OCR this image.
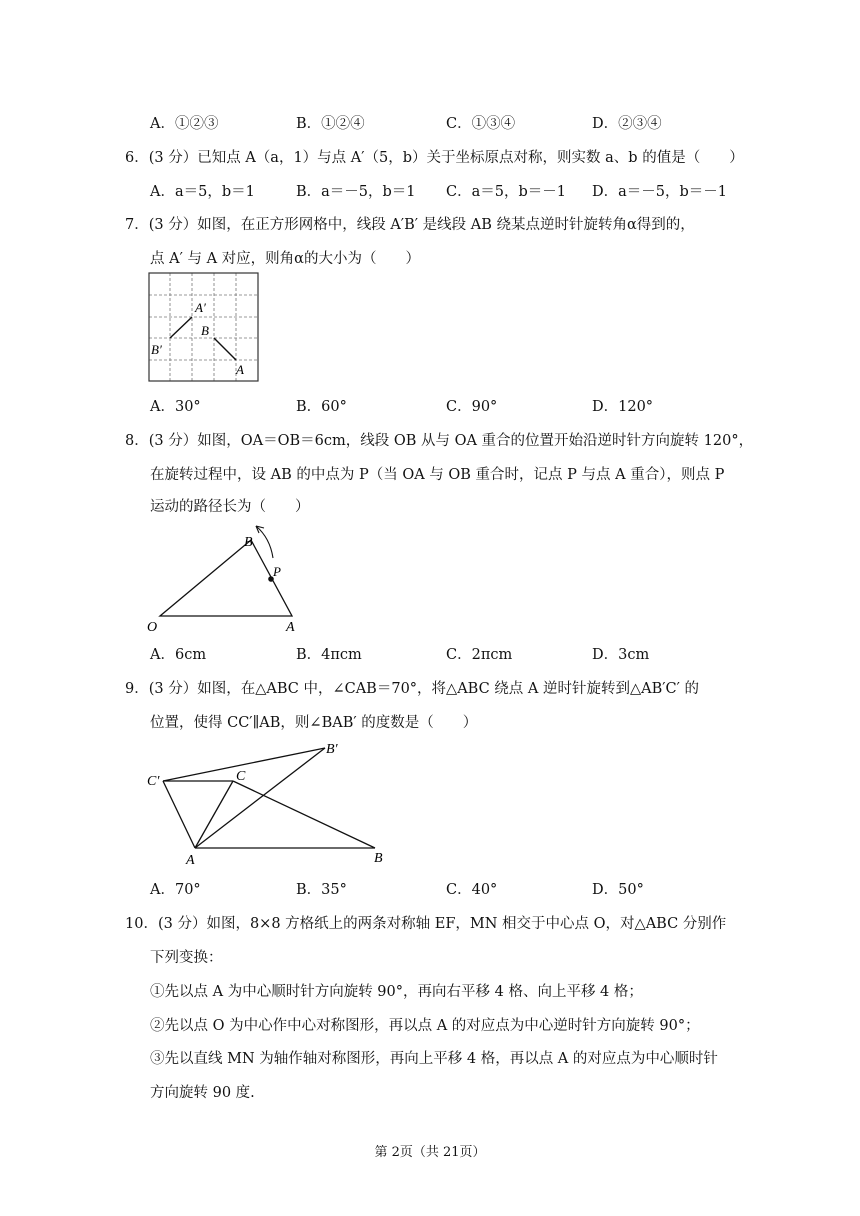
A．①②③	B．①②④	C．①③④	D．②③④
6．(3 分）已知点 A（a，1）与点 A′（5，b）关于坐标原点对称，则实数 a、b 的值是（　　）
A．a＝5，b＝1	B．a＝－5，b＝1 C．a＝5，b＝－1 D．a＝－5，b＝－1
7．(3 分）如图，在正方形网格中，线段 A′B′ 是线段 AB 绕某点逆时针旋转角α得到的，
点 A′ 与 A 对应，则角α的大小为（　　）
A′
B
B′
A
A．30°	B．60°	C．90°	D．120°
8．(3 分）如图，OA＝OB＝6cm，线段 OB 从与 OA 重合的位置开始沿逆时针方向旋转 120°，
在旋转过程中，设 AB 的中点为 P（当 OA 与 OB 重合时，记点 P 与点 A 重合），则点 P
运动的路径长为（　　）
B
P
O	A
A．6cm	B．4πcm	C．2πcm	D．3cm
9．(3 分）如图，在△ABC 中，∠CAB＝70°，将△ABC 绕点 A 逆时针旋转到△AB′C′ 的
位置，使得 CC′∥AB，则∠BAB′ 的度数是（　　）
B′
C′	C
A	B
A．70°	B．35°	C．40°	D．50°
10．(3 分）如图，8×8 方格纸上的两条对称轴 EF，MN 相交于中心点 O，对△ABC 分别作
下列变换：
①先以点 A 为中心顺时针方向旋转 90°，再向右平移 4 格、向上平移 4 格；
②先以点 O 为中心作中心对称图形，再以点 A 的对应点为中心逆时针方向旋转 90°；
③先以直线 MN 为轴作轴对称图形，再向上平移 4 格，再以点 A 的对应点为中心顺时针
方向旋转 90 度.
第 2页（共 21页）
